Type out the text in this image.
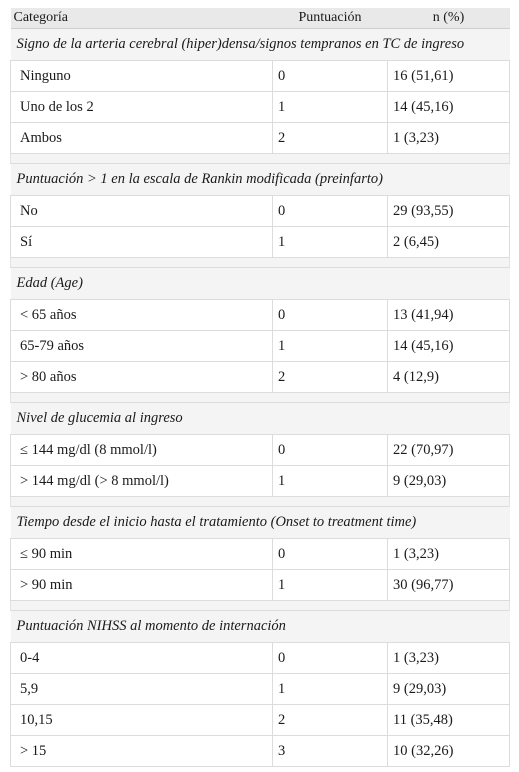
Categoría	Puntuación	n (%)
Signo de la arteria cerebral (hiper)densa/signos tempranos en TC de ingreso		
Ninguno	0	16 (51,61)
Uno de los 2	1	14 (45,16)
Ambos	2	1 (3,23)

Puntuación > 1 en la escala de Rankin modificada (preinfarto)		
No	0	29 (93,55)
Sí	1	2 (6,45)

Edad (Age)		
< 65 años	0	13 (41,94)
65-79 años	1	14 (45,16)
> 80 años	2	4 (12,9)

Nivel de glucemia al ingreso		
≤ 144 mg/dl (8 mmol/l)	0	22 (70,97)
> 144 mg/dl (> 8 mmol/l)	1	9 (29,03)

Tiempo desde el inicio hasta el tratamiento (Onset to treatment time)		
≤ 90 min	0	1 (3,23)
> 90 min	1	30 (96,77)

Puntuación NIHSS al momento de internación		
0-4	0	1 (3,23)
5,9	1	9 (29,03)
10,15	2	11 (35,48)
> 15	3	10 (32,26)
